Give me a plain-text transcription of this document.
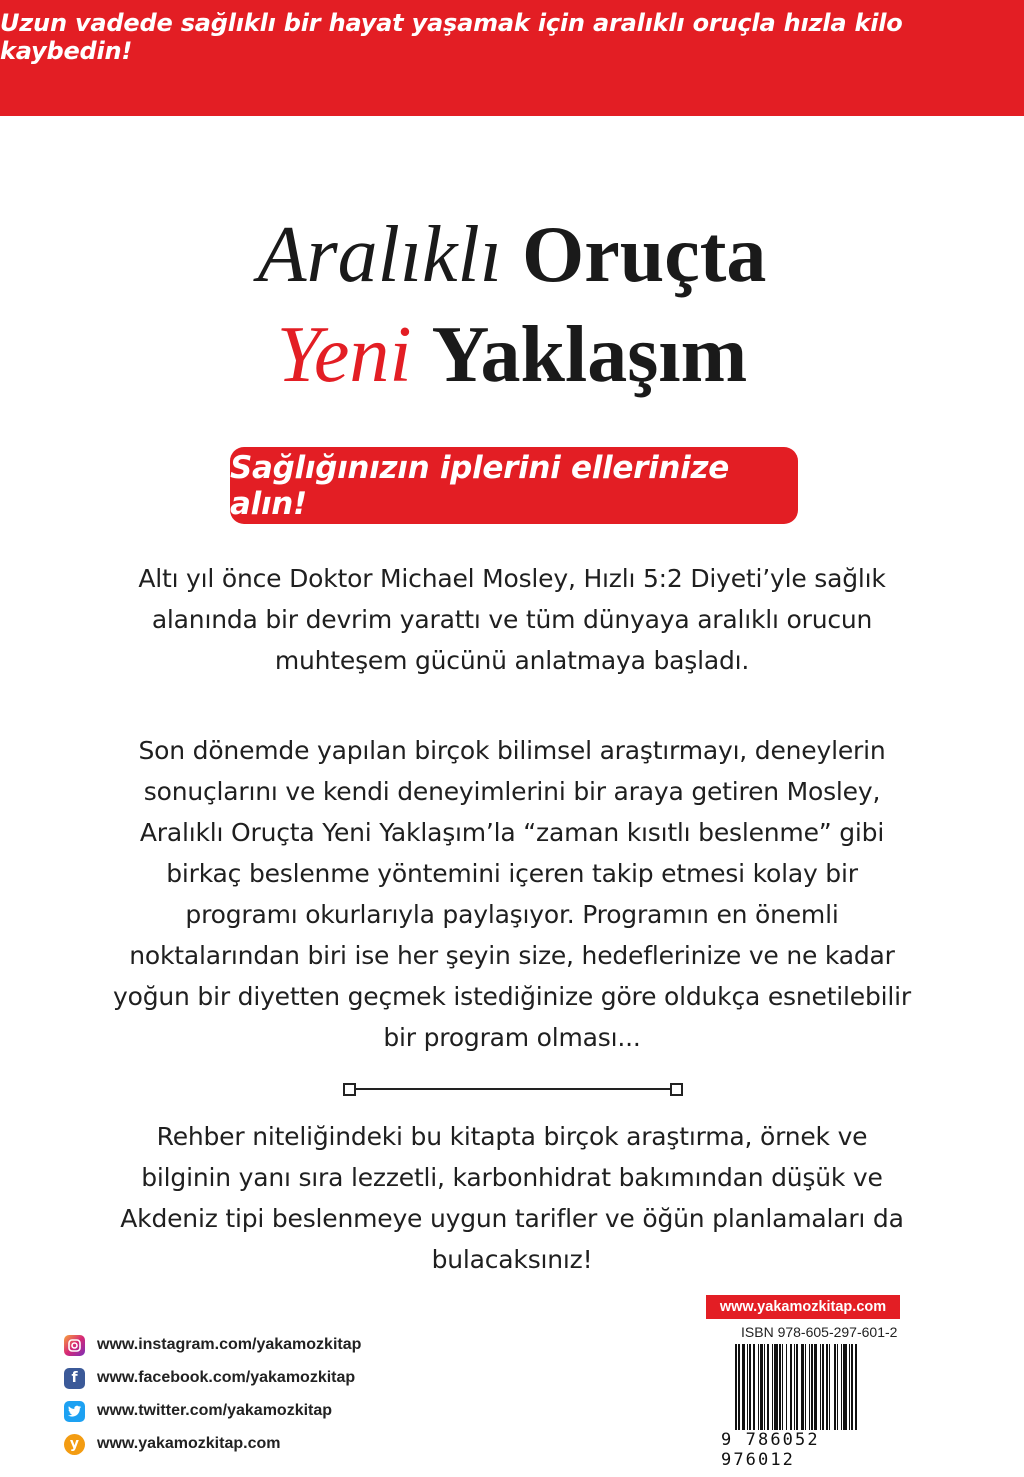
Uzun vadede sağlıklı bir hayat yaşamak için aralıklı oruçla hızla kilo kaybedin!
Aralıklı Oruçta
Yeni Yaklaşım
Sağlığınızın iplerini ellerinize alın!
Altı yıl önce Doktor Michael Mosley, Hızlı 5:2 Diyeti’yle sağlık alanında bir devrim yarattı ve tüm dünyaya aralıklı orucun muhteşem gücünü anlatmaya başladı.
Son dönemde yapılan birçok bilimsel araştırmayı, deneylerin sonuçlarını ve kendi deneyimlerini bir araya getiren Mosley, Aralıklı Oruçta Yeni Yaklaşım’la “zaman kısıtlı beslenme” gibi birkaç beslenme yöntemini içeren takip etmesi kolay bir programı okurlarıyla paylaşıyor. Programın en önemli noktalarından biri ise her şeyin size, hedeflerinize ve ne kadar yoğun bir diyetten geçmek istediğinize göre oldukça esnetilebilir bir program olması...
Rehber niteliğindeki bu kitapta birçok araştırma, örnek ve bilginin yanı sıra lezzetli, karbonhidrat bakımından düşük ve Akdeniz tipi beslenmeye uygun tarifler ve öğün planlamaları da bulacaksınız!
www.instagram.com/yakamozkitap
f	www.facebook.com/yakamozkitap
www.twitter.com/yakamozkitap
y	www.yakamozkitap.com
www.yakamozkitap.com
ISBN 978-605-297-601-2
9 786052 976012
